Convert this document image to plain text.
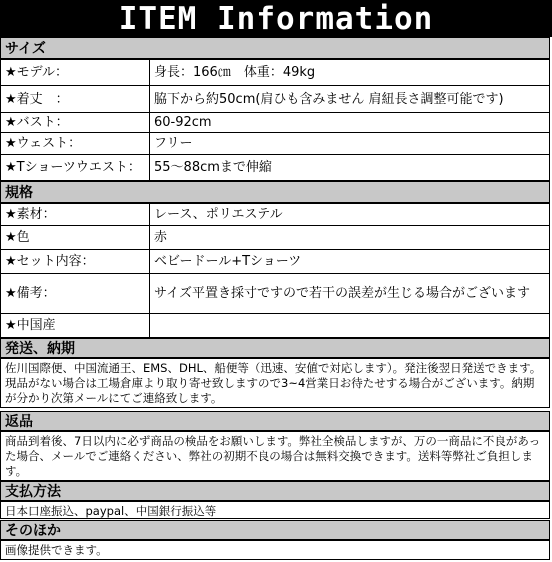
ITEM Information
サイズ
★モデル：	身長：166㎝　体重：49kg
★着丈　：	脇下から約50cm(肩ひも含みません 肩紐長さ調整可能です)
★バスト：	60-92cm
★ウェスト：	フリー
★Tショーツウエスト：	55～88cmまで伸縮
規格
★素材：	レース、ポリエステル
★色	赤
★セット内容：	ベビードール+Tショーツ
★備考：	サイズ平置き採寸ですので若干の誤差が生じる場合がございます
★中国産	
発送、納期
佐川国際便、中国流通王、EMS、DHL、船便等（迅速、安値で対応します）。発注後翌日発送できます。現品がない場合は工場倉庫より取り寄せ致しますので3~4営業日お待たせする場合がございます。納期が分かり次第メールにてご連絡致します。
返品
商品到着後、7日以内に必ず商品の検品をお願いします。弊社全検品しますが、万の一商品に不良があった場合、メールでご連絡ください、弊社の初期不良の場合は無料交換できます。送料等弊社ご負担します。
支払方法
日本口座振込、paypal、中国銀行振込等
そのほか
画像提供できます。
